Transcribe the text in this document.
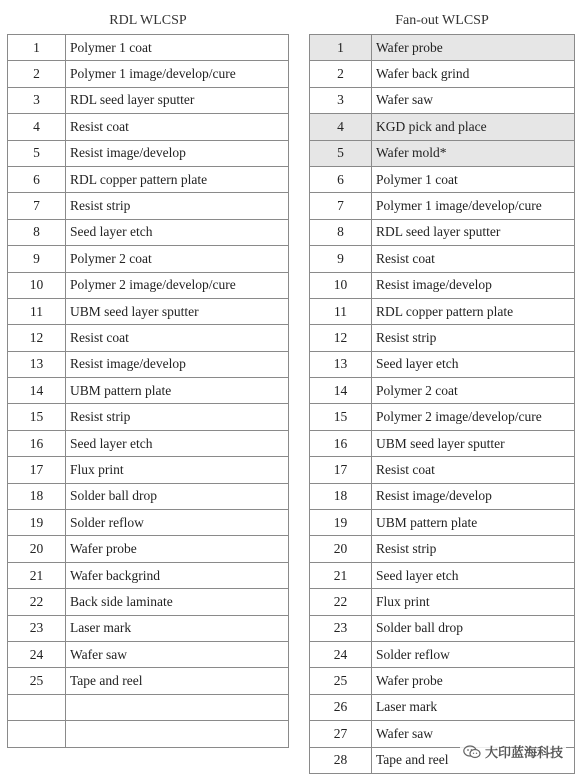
RDL WLCSP
1	Polymer 1 coat
2	Polymer 1 image/develop/cure
3	RDL seed layer sputter
4	Resist coat
5	Resist image/develop
6	RDL copper pattern plate
7	Resist strip
8	Seed layer etch
9	Polymer 2 coat
10	Polymer 2 image/develop/cure
11	UBM seed layer sputter
12	Resist coat
13	Resist image/develop
14	UBM pattern plate
15	Resist strip
16	Seed layer etch
17	Flux print
18	Solder ball drop
19	Solder reflow
20	Wafer probe
21	Wafer backgrind
22	Back side laminate
23	Laser mark
24	Wafer saw
25	Tape and reel

Fan-out WLCSP
1	Wafer probe
2	Wafer back grind
3	Wafer saw
4	KGD pick and place
5	Wafer mold*
6	Polymer 1 coat
7	Polymer 1 image/develop/cure
8	RDL seed layer sputter
9	Resist coat
10	Resist image/develop
11	RDL copper pattern plate
12	Resist strip
13	Seed layer etch
14	Polymer 2 coat
15	Polymer 2 image/develop/cure
16	UBM seed layer sputter
17	Resist coat
18	Resist image/develop
19	UBM pattern plate
20	Resist strip
21	Seed layer etch
22	Flux print
23	Solder ball drop
24	Solder reflow
25	Wafer probe
26	Laser mark
27	Wafer saw
28	Tape and reel	大印蓝海科技
